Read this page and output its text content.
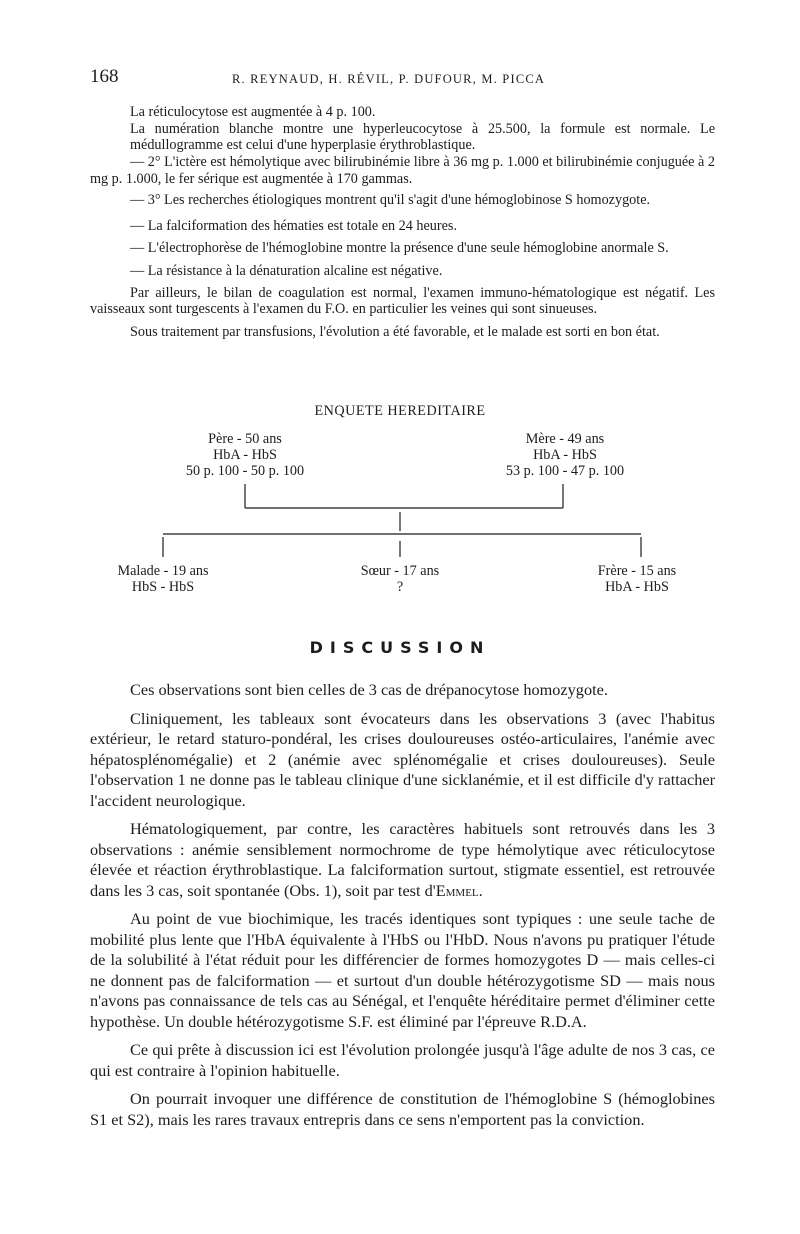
168	R. REYNAUD, H. RÉVIL, P. DUFOUR, M. PICCA

La réticulocytose est augmentée à 4 p. 100.

La numération blanche montre une hyperleucocytose à 25.500, la formule est normale. Le médullogramme est celui d'une hyperplasie érythroblastique.

— 2° L'ictère est hémolytique avec bilirubinémie libre à 36 mg p. 1.000 et bilirubinémie conjuguée à 2 mg p. 1.000, le fer sérique est augmentée à 170 gammas.

— 3° Les recherches étiologiques montrent qu'il s'agit d'une hémoglobinose S homozygote.

— La falciformation des hématies est totale en 24 heures.

— L'électrophorèse de l'hémoglobine montre la présence d'une seule hémoglobine anormale S.

— La résistance à la dénaturation alcaline est négative.

Par ailleurs, le bilan de coagulation est normal, l'examen immuno-hématologique est négatif. Les vaisseaux sont turgescents à l'examen du F.O. en particulier les veines qui sont sinueuses.

Sous traitement par transfusions, l'évolution a été favorable, et le malade est sorti en bon état.

ENQUETE HEREDITAIRE
Père - 50 ans
HbA - HbS
50 p. 100 - 50 p. 100
Mère - 49 ans
HbA - HbS
53 p. 100 - 47 p. 100
Malade - 19 ans
HbS - HbS
Sœur - 17 ans
?
Frère - 15 ans
HbA - HbS
DISCUSSION

Ces observations sont bien celles de 3 cas de drépanocytose homozygote.

Cliniquement, les tableaux sont évocateurs dans les observations 3 (avec l'habitus extérieur, le retard staturo-pondéral, les crises douloureuses ostéo-articulaires, l'anémie avec hépatosplénomégalie) et 2 (anémie avec splénomégalie et crises douloureuses). Seule l'observation 1 ne donne pas le tableau clinique d'une sicklanémie, et il est difficile d'y rattacher l'accident neurologique.

Hématologiquement, par contre, les caractères habituels sont retrouvés dans les 3 observations : anémie sensiblement normochrome de type hémolytique avec réticulocytose élevée et réaction érythroblastique. La falciformation surtout, stigmate essentiel, est retrouvée dans les 3 cas, soit spontanée (Obs. 1), soit par test d'Emmel.

Au point de vue biochimique, les tracés identiques sont typiques : une seule tache de mobilité plus lente que l'HbA équivalente à l'HbS ou l'HbD. Nous n'avons pu pratiquer l'étude de la solubilité à l'état réduit pour les différencier de formes homozygotes D — mais celles-ci ne donnent pas de falciformation — et surtout d'un double hétérozygotisme SD — mais nous n'avons pas connaissance de tels cas au Sénégal, et l'enquête héréditaire permet d'éliminer cette hypothèse. Un double hétérozygotisme S.F. est éliminé par l'épreuve R.D.A.

Ce qui prête à discussion ici est l'évolution prolongée jusqu'à l'âge adulte de nos 3 cas, ce qui est contraire à l'opinion habituelle.

On pourrait invoquer une différence de constitution de l'hémoglobine S (hémoglobines S1 et S2), mais les rares travaux entrepris dans ce sens n'emportent pas la conviction.
